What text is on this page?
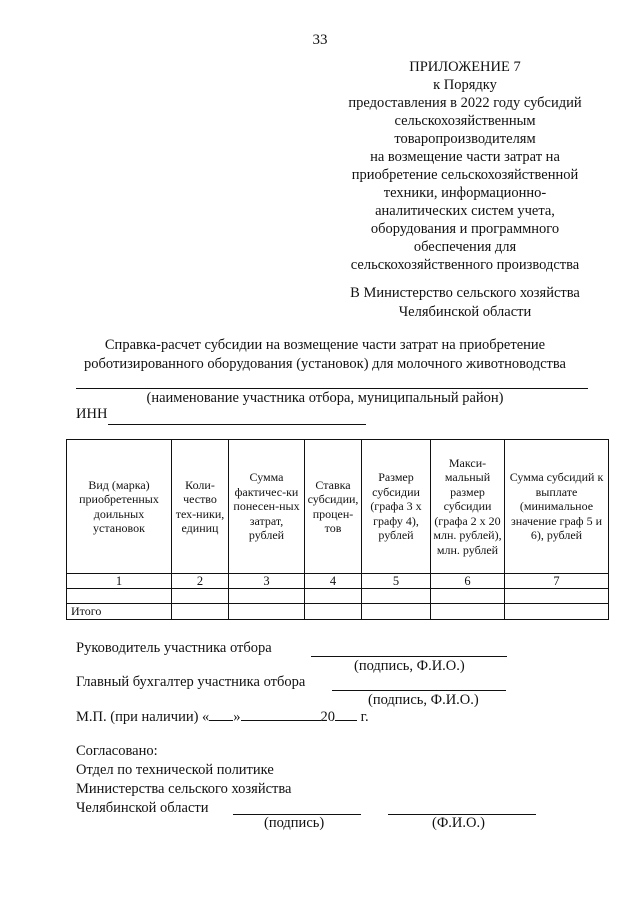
33
ПРИЛОЖЕНИЕ 7
к Порядку
предоставления в 2022 году субсидий
сельскохозяйственным
товаропроизводителям
на возмещение части затрат на
приобретение сельскохозяйственной
техники, информационно-
аналитических систем учета,
оборудования и программного
обеспечения для
сельскохозяйственного производства
В Министерство сельского хозяйства
Челябинской области
Справка-расчет субсидии на возмещение части затрат на приобретение
роботизированного оборудования (установок) для молочного животноводства
(наименование участника отбора, муниципальный район)
ИНН
Вид (марка) приобретенных доильных установок	Коли-чество тех-ники, единиц	Сумма фактичес-ки понесен-ных затрат, рублей	Ставка субсидии, процен-тов	Размер субсидии (графа 3 x графу 4), рублей	Макси-мальный размер субсидии (графа 2 x 20 млн. рублей), млн. рублей	Сумма субсидий к выплате (минимальное значение граф 5 и 6), рублей
1	2	3	4	5	6	7

Итого						
Руководитель участника отбора
(подпись, Ф.И.О.)
Главный бухгалтер участника отбора
(подпись, Ф.И.О.)
М.П. (при наличии) « »	20 г.
Согласовано:
Отдел по технической политике
Министерства сельского хозяйства
Челябинской области
(подпись)	(Ф.И.О.)
